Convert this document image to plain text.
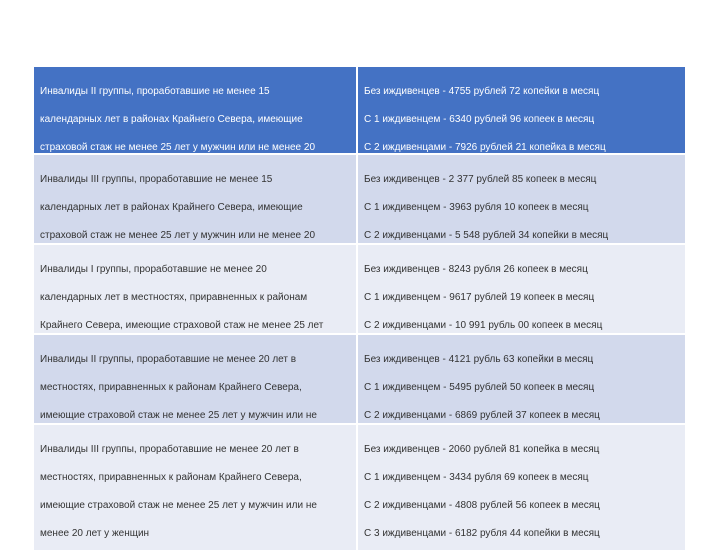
Инвалиды II группы, проработавшие не менее 15

календарных лет в районах Крайнего Севера, имеющие

страховой стаж не менее 25 лет у мужчин или не менее 20

Без иждивенцев - 4755 рублей 72 копейки в месяц

С 1 иждивенцем - 6340 рублей 96 копеек в месяц

С 2 иждивенцами - 7926 рублей 21 копейка в месяц

Инвалиды III группы, проработавшие не менее 15

календарных лет в районах Крайнего Севера, имеющие

страховой стаж не менее 25 лет у мужчин или не менее 20

Без иждивенцев - 2 377 рублей 85 копеек в месяц

С 1 иждивенцем - 3963 рубля 10 копеек в месяц

С 2 иждивенцами - 5 548 рублей 34 копейки в месяц

Инвалиды I группы, проработавшие не менее 20

календарных лет в местностях, приравненных к районам

Крайнего Севера, имеющие страховой стаж не менее 25 лет

Без иждивенцев - 8243 рубля 26 копеек в месяц

С 1 иждивенцем - 9617 рублей 19 копеек в месяц

С 2 иждивенцами - 10 991 рубль 00 копеек в месяц

Инвалиды II группы, проработавшие не менее 20 лет в

местностях, приравненных к районам Крайнего Севера,

имеющие страховой стаж не менее 25 лет у мужчин или не

Без иждивенцев - 4121 рубль 63 копейки в месяц

С 1 иждивенцем - 5495 рублей 50 копеек в месяц

С 2 иждивенцами - 6869 рублей 37 копеек в месяц

Инвалиды III группы, проработавшие не менее 20 лет в

местностях, приравненных к районам Крайнего Севера,

имеющие страховой стаж не менее 25 лет у мужчин или не

менее 20 лет у женщин

Без иждивенцев - 2060 рублей 81 копейка в месяц

С 1 иждивенцем - 3434 рубля 69 копеек в месяц

С 2 иждивенцами - 4808 рублей 56 копеек в месяц

С 3 иждивенцами - 6182 рубля 44 копейки в месяц
